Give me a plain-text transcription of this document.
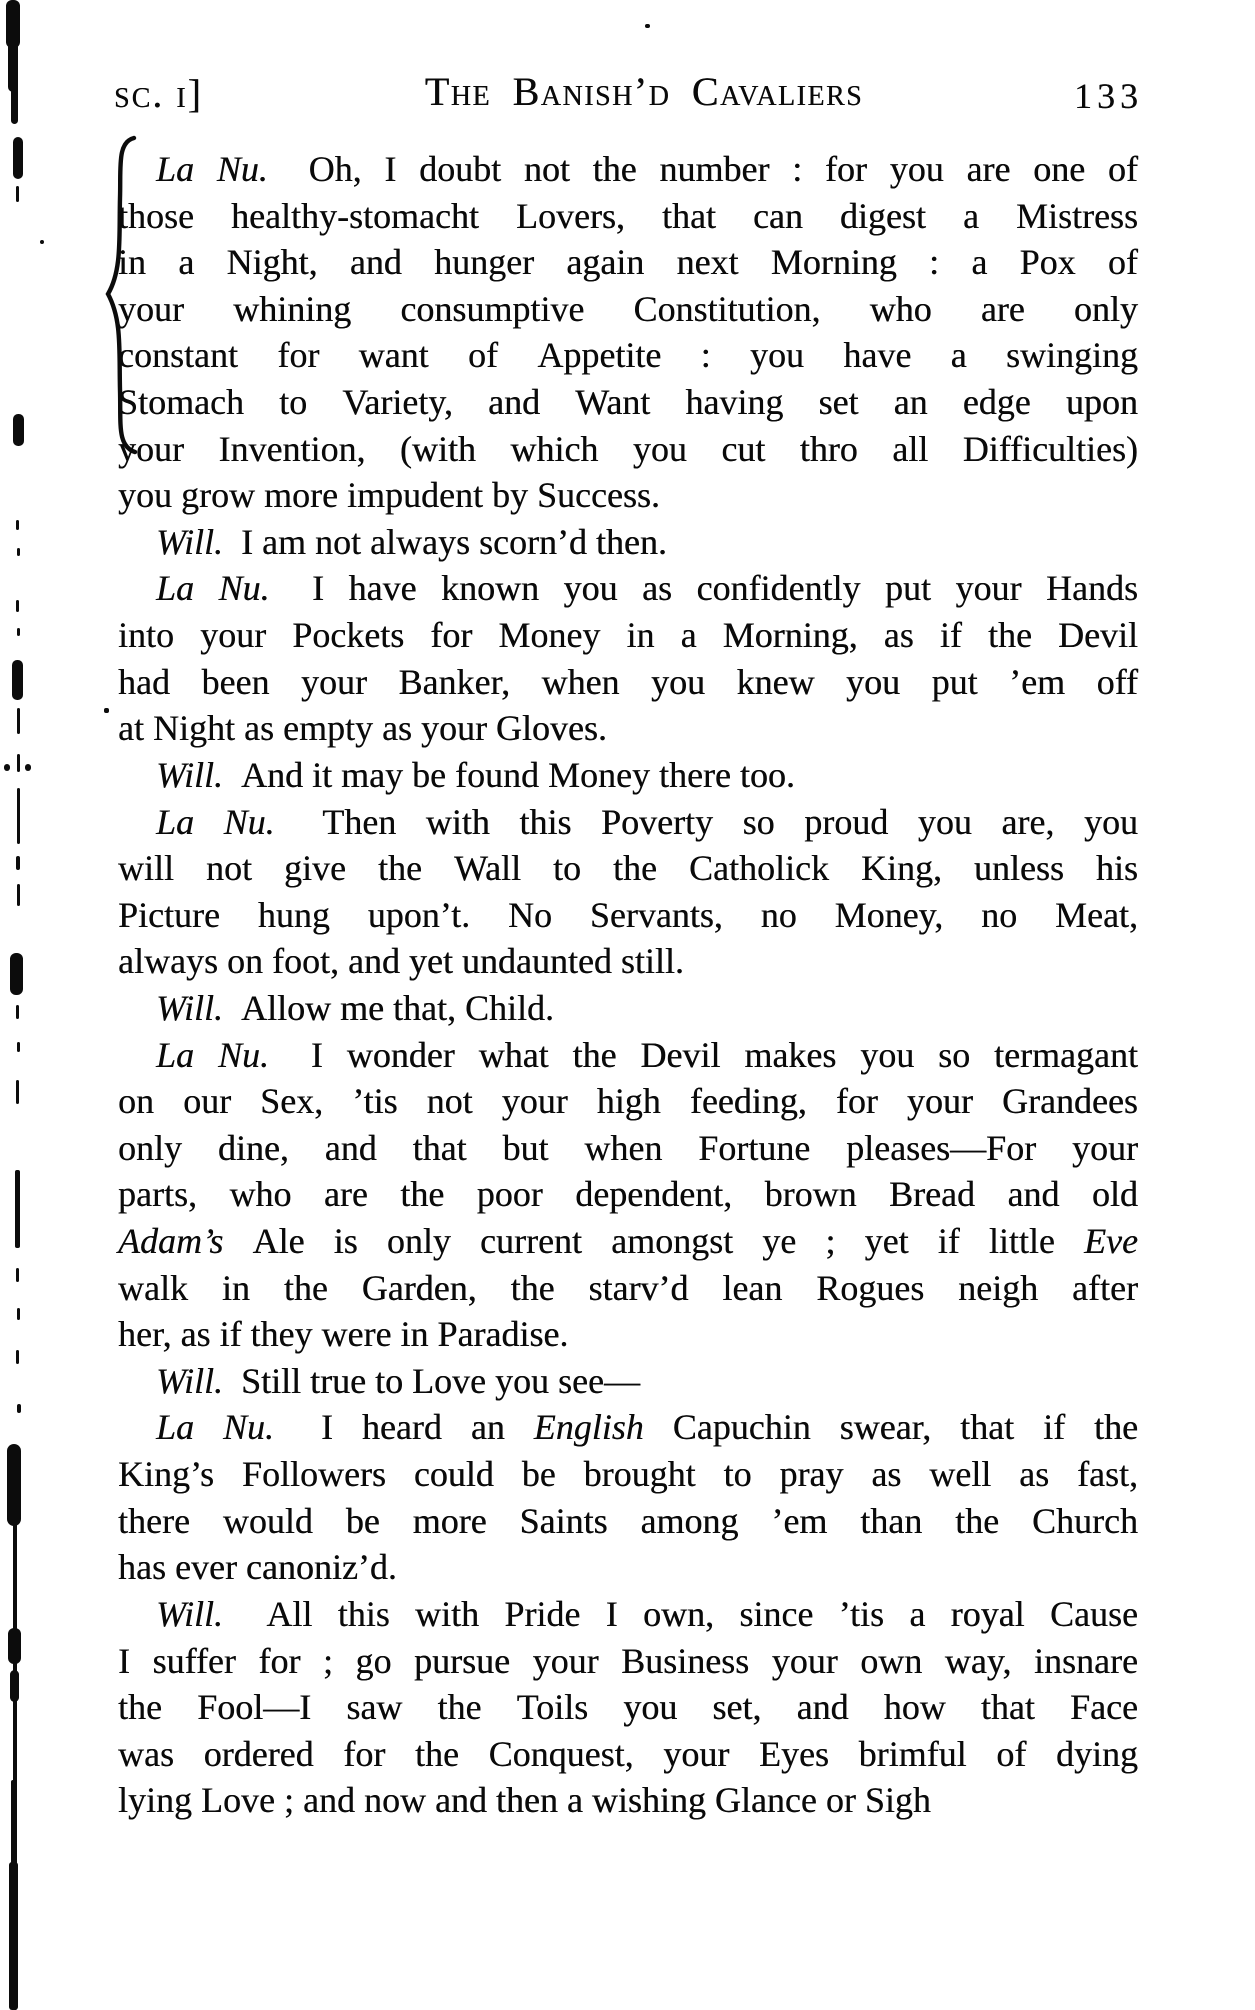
sc. i]	The Banish’d Cavaliers	133
La Nu.  Oh, I doubt not the number : for you are one of
those healthy-stomacht Lovers, that can digest a Mistress
in a Night, and hunger again next Morning : a Pox of
your whining consumptive Constitution, who are only
constant for want of Appetite : you have a swinging
Stomach to Variety, and Want having set an edge upon
your Invention, (with which you cut thro all Difficulties)
you grow more impudent by Success.
Will. I am not always scorn’d then.
La Nu.  I have known you as confidently put your Hands
into your Pockets for Money in a Morning, as if the Devil
had been your Banker, when you knew you put ’em off
at Night as empty as your Gloves.
Will. And it may be found Money there too.
La Nu.  Then with this Poverty so proud you are, you
will not give the Wall to the Catholick King, unless his
Picture hung upon’t. No Servants, no Money, no Meat,
always on foot, and yet undaunted still.
Will. Allow me that, Child.
La Nu.  I wonder what the Devil makes you so termagant
on our Sex, ’tis not your high feeding, for your Grandees
only dine, and that but when Fortune pleases—For your
parts, who are the poor dependent, brown Bread and old
Adam’s Ale is only current amongst ye ; yet if little Eve
walk in the Garden, the starv’d lean Rogues neigh after
her, as if they were in Paradise.
Will. Still true to Love you see—
La Nu.  I heard an English Capuchin swear, that if the
King’s Followers could be brought to pray as well as fast,
there would be more Saints among ’em than the Church
has ever canoniz’d.
Will.  All this with Pride I own, since ’tis a royal Cause
I suffer for ; go pursue your Business your own way, insnare
the Fool—I saw the Toils you set, and how that Face
was ordered for the Conquest, your Eyes brimful of dying
lying Love ; and now and then a wishing Glance or Sigh
